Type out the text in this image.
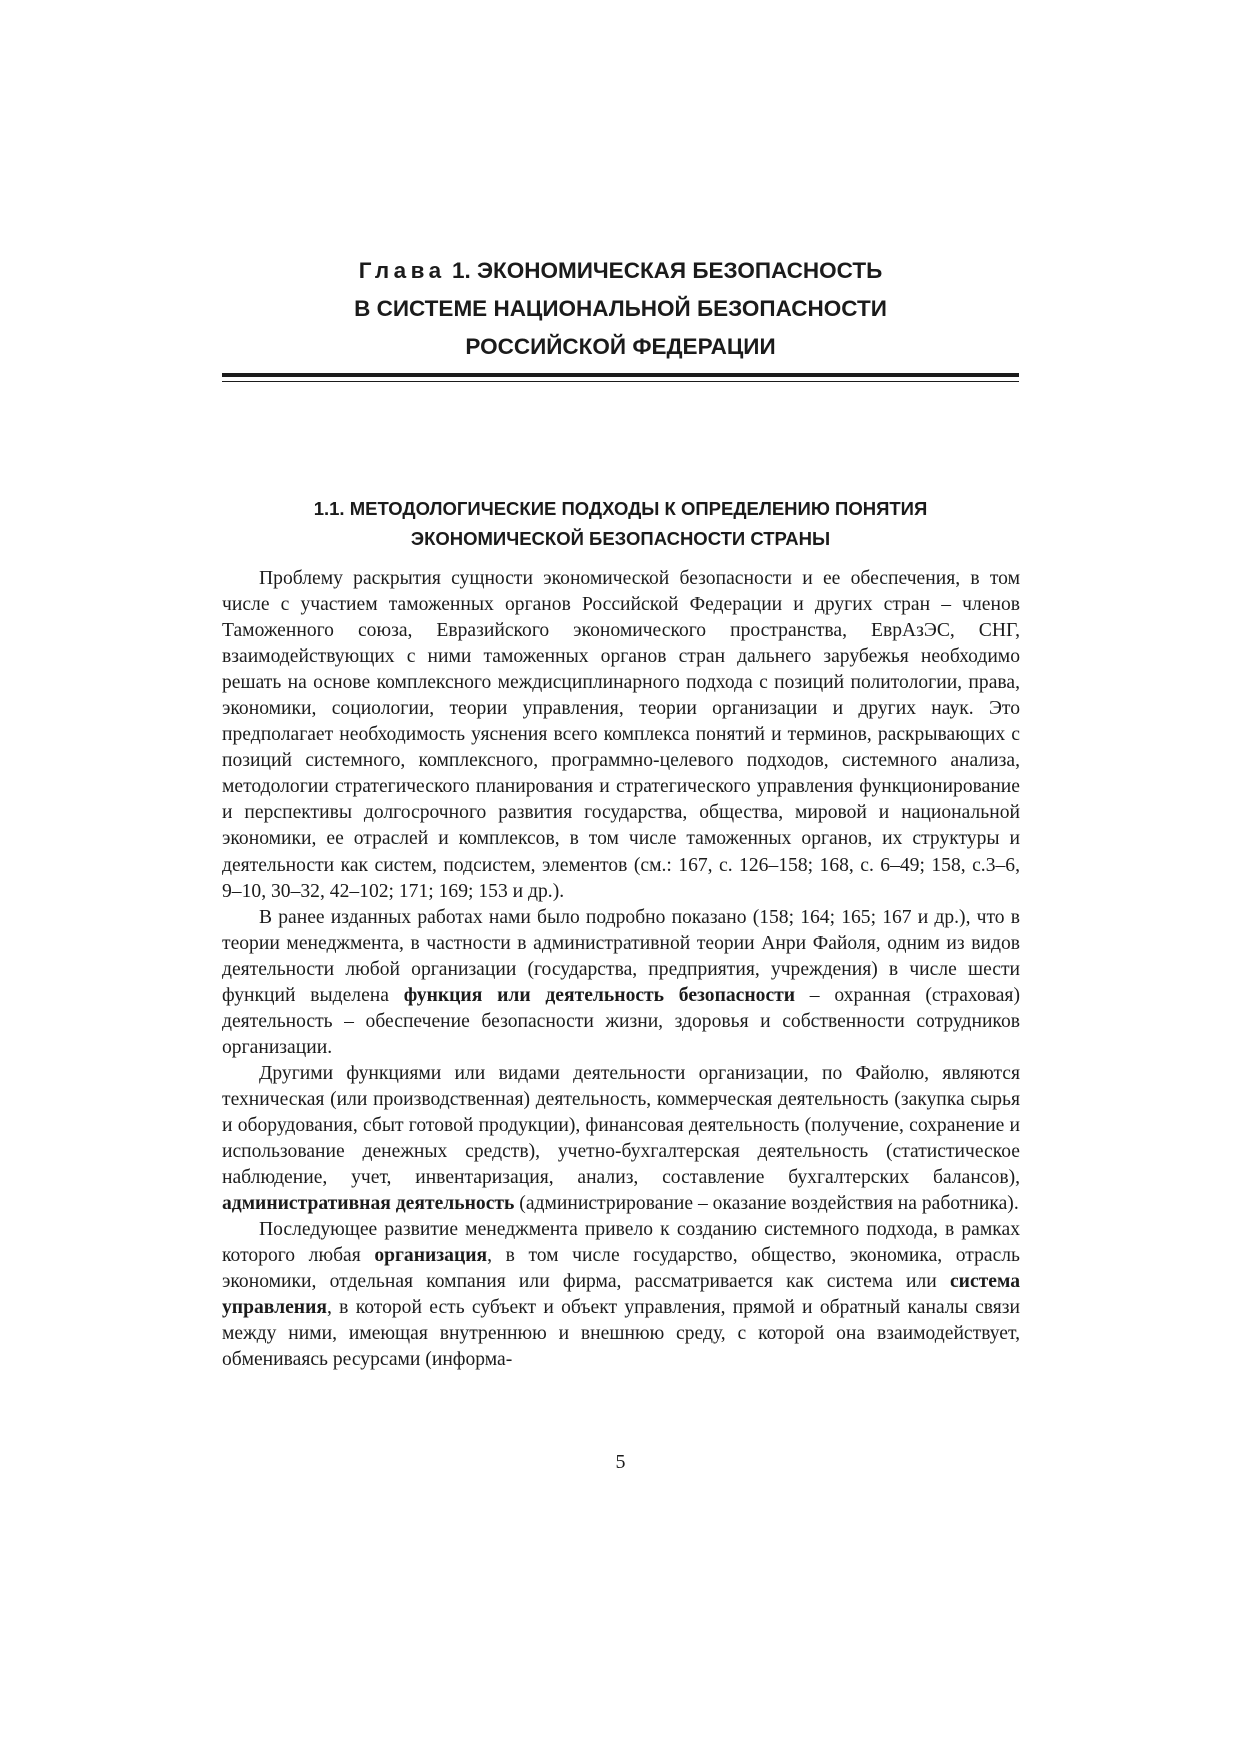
Глава 1. ЭКОНОМИЧЕСКАЯ БЕЗОПАСНОСТЬ
В СИСТЕМЕ НАЦИОНАЛЬНОЙ БЕЗОПАСНОСТИ
РОССИЙСКОЙ ФЕДЕРАЦИИ
1.1. МЕТОДОЛОГИЧЕСКИЕ ПОДХОДЫ К ОПРЕДЕЛЕНИЮ ПОНЯТИЯ
ЭКОНОМИЧЕСКОЙ БЕЗОПАСНОСТИ СТРАНЫ

Проблему раскрытия сущности экономической безопасности и ее обеспечения, в том числе с участием таможенных органов Российской Федерации и других стран – членов Таможенного союза, Евразийского экономического пространства, ЕврАзЭС, СНГ, взаимодействующих с ними таможенных органов стран дальнего зарубежья необходимо решать на основе комплексного междисциплинарного подхода с позиций политологии, права, экономики, социологии, теории управления, теории организации и других наук. Это предполагает необходимость уяснения всего комплекса понятий и терминов, раскрывающих с позиций системного, комплексного, программно-целевого подходов, системного анализа, методологии стратегического планирования и стратегического управления функционирование и перспективы долгосрочного развития государства, общества, мировой и национальной экономики, ее отраслей и комплексов, в том числе таможенных органов, их структуры и деятельности как систем, подсистем, элементов (см.: 167, с. 126–158; 168, с. 6–49; 158, с.3–6, 9–10, 30–32, 42–102; 171; 169; 153 и др.).

В ранее изданных работах нами было подробно показано (158; 164; 165; 167 и др.), что в теории менеджмента, в частности в административной теории Анри Файоля, одним из видов деятельности любой организации (государства, предприятия, учреждения) в числе шести функций выделена функция или деятельность безопасности – охранная (страховая) деятельность – обеспечение безопасности жизни, здоровья и собственности сотрудников организации.

Другими функциями или видами деятельности организации, по Файолю, являются техническая (или производственная) деятельность, коммерческая деятельность (закупка сырья и оборудования, сбыт готовой продукции), финансовая деятельность (получение, сохранение и использование денежных средств), учетно-бухгалтерская деятельность (статистическое наблюдение, учет, инвентаризация, анализ, составление бухгалтерских балансов), административная деятельность (администрирование – оказание воздействия на работника).

Последующее развитие менеджмента привело к созданию системного подхода, в рамках которого любая организация, в том числе государство, общество, экономика, отрасль экономики, отдельная компания или фирма, рассматривается как система или система управления, в которой есть субъект и объект управления, прямой и обратный каналы связи между ними, имеющая внутреннюю и внешнюю среду, с которой она взаимодействует, обмениваясь ресурсами (информа-

5
